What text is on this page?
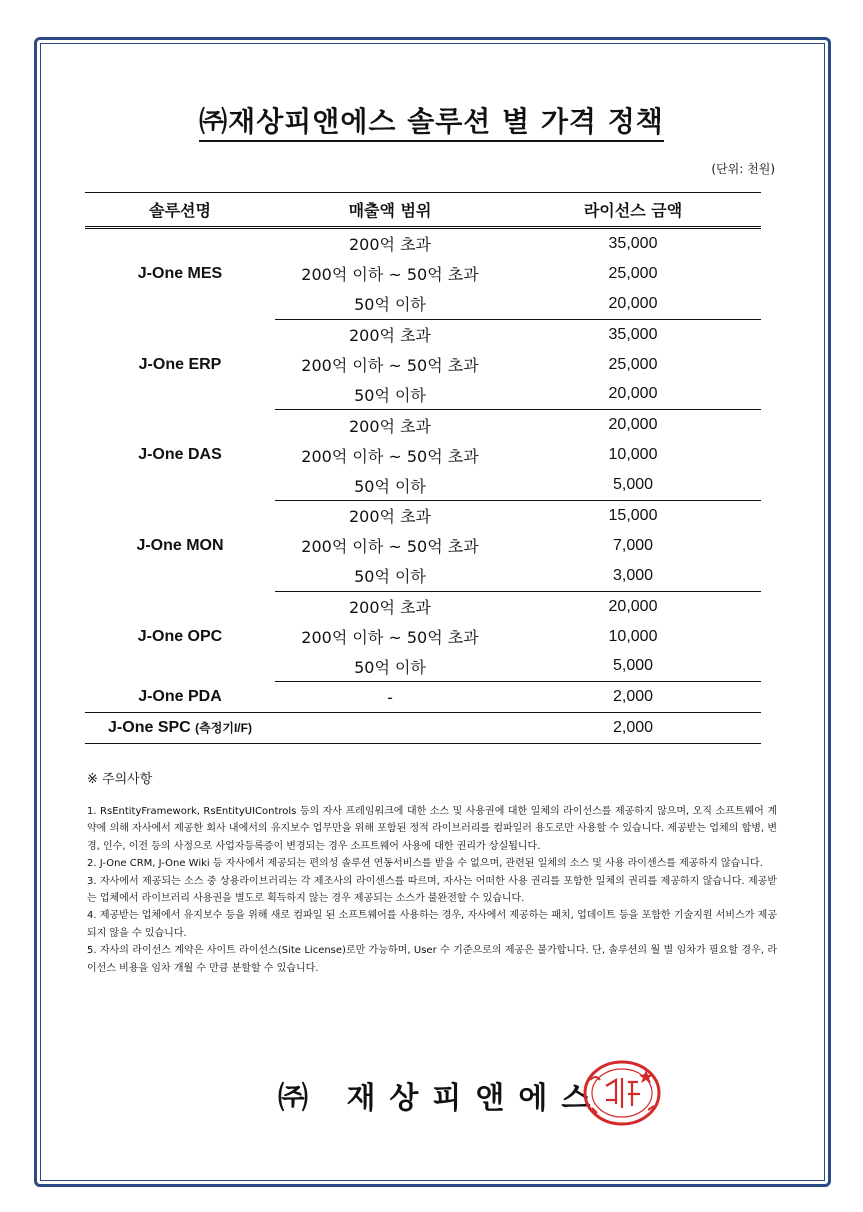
㈜재상피앤에스 솔루션 별 가격 정책
(단위: 천원)
솔루션명	매출액 범위	라이선스 금액
J-One MES	200억 초과	35,000
	200억 이하 ~ 50억 초과	25,000
	50억 이하	20,000
J-One ERP	200억 초과	35,000
	200억 이하 ~ 50억 초과	25,000
	50억 이하	20,000
J-One DAS	200억 초과	20,000
	200억 이하 ~ 50억 초과	10,000
	50억 이하	5,000
J-One MON	200억 초과	15,000
	200억 이하 ~ 50억 초과	7,000
	50억 이하	3,000
J-One OPC	200억 초과	20,000
	200억 이하 ~ 50억 초과	10,000
	50억 이하	5,000
J-One PDA	-	2,000
J-One SPC (측정기I/F)		2,000
※ 주의사항

1. RsEntityFramework, RsEntityUIControls 등의 자사 프레임워크에 대한 소스 및 사용권에 대한 일체의 라이선스를 제공하지 않으며, 오직 소프트웨어 계약에 의해 자사에서 제공한 회사 내에서의 유지보수 업무만을 위해 포함된 정적 라이브러리를 컴파일러 용도로만 사용할 수 있습니다. 제공받는 업체의 합병, 변경, 인수, 이전 등의 사정으로 사업자등록증이 변경되는 경우 소프트웨어 사용에 대한 권리가 상실됩니다.

2. J-One CRM, J-One Wiki 등 자사에서 제공되는 편의성 솔루션 연동서비스를 받을 수 없으며, 관련된 일체의 소스 및 사용 라이센스를 제공하지 않습니다.

3. 자사에서 제공되는 소스 중 상용라이브러리는 각 제조사의 라이센스를 따르며, 자사는 어떠한 사용 권리를 포함한 일체의 권리를 제공하지 않습니다. 제공받는 업체에서 라이브러리 사용권을 별도로 획득하지 않는 경우 제공되는 소스가 불완전할 수 있습니다.

4. 제공받는 업체에서 유지보수 등을 위해 새로 컴파일 된 소프트웨어를 사용하는 경우, 자사에서 제공하는 패치, 업데이트 등을 포함한 기술지원 서비스가 제공되지 않을 수 있습니다.

5. 자사의 라이선스 계약은 사이트 라이선스(Site License)로만 가능하며, User 수 기준으로의 제공은 불가합니다. 단, 솔루션의 월 별 임차가 필요할 경우, 라이선스 비용을 임차 개월 수 만큼 분할할 수 있습니다.

㈜ 재상피앤에스
